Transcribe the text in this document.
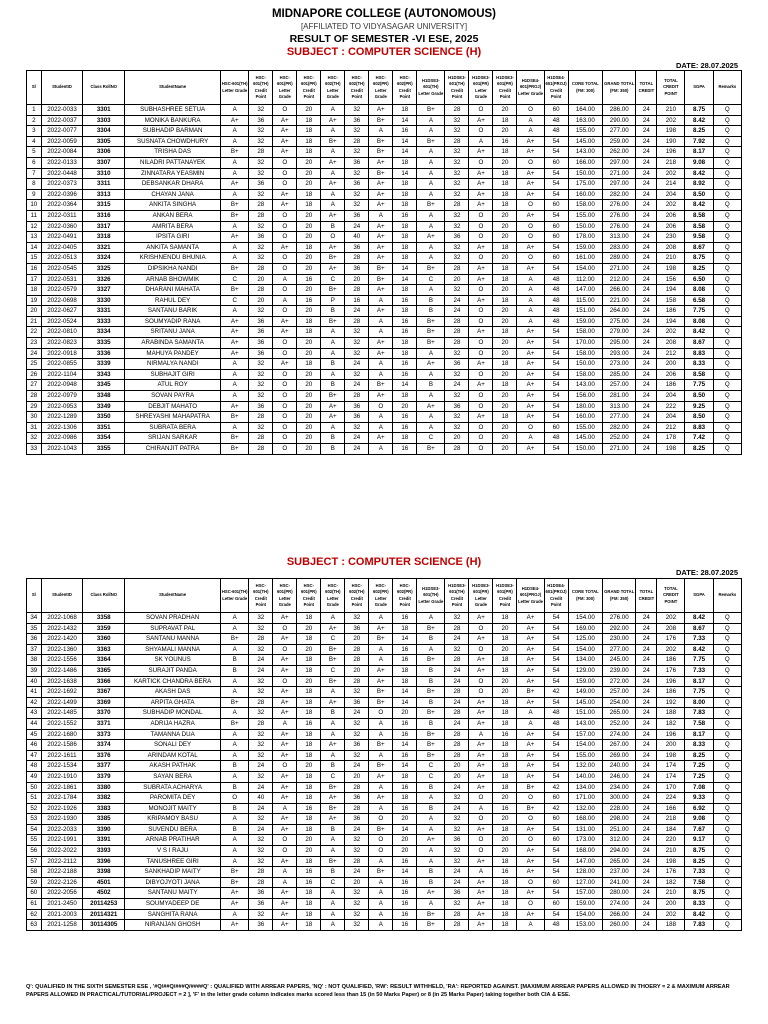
MIDNAPORE COLLEGE (AUTONOMOUS)
[AFFILIATED TO VIDYASAGAR UNIVERSITY]
RESULT OF SEMESTER -VI ESE, 2025
SUBJECT : COMPUTER SCIENCE (H)
DATE: 28.07.2025
Sl	StudentID	Class RollNO	StudentName	HSC-601(TH) Letter Grade	HSC-601(TH) Credit Point	HSC-601(PR) Letter Grade	HSC-601(PR) Credit Point	HSC-602(TH) Letter Grade	HSC-602(TH) Credit Point	HSC-602(PR) Letter Grade	HSC-602(PR) Credit Point	H1DSE3-601(TH) Letter Grade	H1DSE3-601(TH) Credit Point	H1DSE3-601(PR) Letter Grade	H1DSE3-601(PR) Credit Point	H1DSE4-601(PROJ) Letter Grade	H1DSE4-601(PROJ) Credit Point	CORE TOTAL (FM: 300)	GRAND TOTAL (FM: 350)	TOTAL CREDIT	TOTAL CREDIT POINT	SGPA	Remarks
1	2022-0033	3301	SUBHASHREE SETUA	A	32	O	20	A	32	A+	18	B+	28	O	20	O	60	164.00	286.00	24	210	8.75	Q
2	2022-0037	3303	MONIKA BANKURA	A+	36	A+	18	A+	36	B+	14	A	32	A+	18	A	48	163.00	290.00	24	202	8.42	Q
3	2022-0077	3304	SUBHADIP BARMAN	A	32	A+	18	A	32	A	16	A	32	O	20	A	48	155.00	277.00	24	198	8.25	Q
4	2022-0059	3305	SUSNATA CHOWDHURY	A	32	A+	18	B+	28	B+	14	B+	28	A	16	A+	54	145.00	259.00	24	190	7.92	Q
5	2022-0084	3306	TRISHA DAS	B+	28	A+	18	A	32	B+	14	A	32	A+	18	A+	54	143.00	262.00	24	196	8.17	Q
6	2022-0133	3307	NILADRI PATTANAYEK	A	32	O	20	A+	36	A+	18	A	32	O	20	O	60	166.00	297.00	24	218	9.08	Q
7	2022-0448	3310	ZINNATARA YEASMIN	A	32	O	20	A	32	B+	14	A	32	A+	18	A+	54	150.00	271.00	24	202	8.42	Q
8	2022-0373	3311	DEBSANKAR DHARA	A+	36	O	20	A+	36	A+	18	A	32	A+	18	A+	54	175.00	297.00	24	214	8.92	Q
9	2022-0396	3313	CHAYAN JANA	A	32	A+	18	A	32	A+	18	A	32	A+	18	A+	54	160.00	282.00	24	204	8.50	Q
10	2022-0364	3315	ANKITA SINGHA	B+	28	A+	18	A	32	A+	18	B+	28	A+	18	O	60	158.00	276.00	24	202	8.42	Q
11	2022-0311	3316	ANKAN BERA	B+	28	O	20	A+	36	A	16	A	32	O	20	A+	54	155.00	276.00	24	206	8.58	Q
12	2022-0360	3317	AMRITA BERA	A	32	O	20	B	24	A+	18	A	32	O	20	O	60	150.00	276.00	24	206	8.58	Q
13	2022-0491	3318	IPSITA GIRI	A+	36	O	20	O	40	A+	18	A+	36	O	20	O	60	178.00	313.00	24	230	9.58	Q
14	2022-0405	3321	ANKITA SAMANTA	A	32	A+	18	A+	36	A+	18	A	32	A+	18	A+	54	159.00	283.00	24	208	8.67	Q
15	2022-0513	3324	KRISHNENDU BHUNIA	A	32	O	20	B+	28	A+	18	A	32	O	20	O	60	161.00	289.00	24	210	8.75	Q
16	2022-0545	3325	DIPSIKHA NANDI	B+	28	O	20	A+	36	B+	14	B+	28	A+	18	A+	54	154.00	271.00	24	198	8.25	Q
17	2022-0531	3326	ARNAB BHOWMIK	C	20	A	16	C	20	B+	14	C	20	A+	18	A	48	112.00	212.00	24	156	6.50	Q
18	2022-0579	3327	DHARANI MAHATA	B+	28	O	20	B+	28	A+	18	A	32	O	20	A	48	147.00	266.00	24	194	8.08	Q
19	2022-0698	3330	RAHUL DEY	C	20	A	16	P	16	A	16	B	24	A+	18	A	48	115.00	221.00	24	158	6.58	Q
20	2022-0627	3331	SANTANU BARIK	A	32	O	20	B	24	A+	18	B	24	O	20	A	48	151.00	264.00	24	186	7.75	Q
21	2022-0524	3333	SOUMYADIP RANA	A+	36	A+	18	B+	28	A	16	B+	28	O	20	A	48	159.00	275.00	24	194	8.08	Q
22	2022-0810	3334	SRITANU JANA	A+	36	A+	18	A	32	A	16	B+	28	A+	18	A+	54	158.00	279.00	24	202	8.42	Q
23	2022-0823	3335	ARABINDA SAMANTA	A+	36	O	20	A	32	A+	18	B+	28	O	20	A+	54	170.00	295.00	24	208	8.67	Q
24	2022-0918	3336	MAHUYA PANDEY	A+	36	O	20	A	32	A+	18	A	32	O	20	A+	54	158.00	293.00	24	212	8.83	Q
25	2022-0855	3339	NIRMALYA NANDI	A	32	A+	18	B	24	A	16	A+	36	A+	18	A+	54	150.00	273.00	24	200	8.33	Q
26	2022-1104	3343	SUBHAJIT GIRI	A	32	O	20	A	32	A	16	A	32	O	20	A+	54	158.00	285.00	24	206	8.58	Q
27	2022-0948	3345	ATUL ROY	A	32	O	20	B	24	B+	14	B	24	A+	18	A+	54	143.00	257.00	24	186	7.75	Q
28	2022-0979	3348	SOVAN PAYRA	A	32	O	20	B+	28	A+	18	A	32	O	20	A+	54	156.00	281.00	24	204	8.50	Q
29	2022-0953	3349	DEBJIT MAHATO	A+	36	O	20	A+	36	O	20	A+	36	O	20	A+	54	180.00	313.00	24	222	9.25	Q
30	2022-1289	3350	SHREYASHI MAHAPATRA	B+	28	O	20	A+	36	A	16	A	32	A+	18	A+	54	160.00	277.00	24	204	8.50	Q
31	2022-1306	3351	SUBRATA BERA	A	32	O	20	A	32	A	16	A	32	O	20	O	60	155.00	282.00	24	212	8.83	Q
32	2022-0986	3354	SRIJAN SARKAR	B+	28	O	20	B	24	A+	18	C	20	O	20	A	48	145.00	252.00	24	178	7.42	Q
33	2022-1043	3355	CHIRANJIT PATRA	B+	28	O	20	B	24	A	16	B+	28	O	20	A+	54	150.00	271.00	24	198	8.25	Q
SUBJECT : COMPUTER SCIENCE (H)
DATE: 28.07.2025
Sl	StudentID	Class RollNO	StudentName	HSC-601(TH) Letter Grade	HSC-601(TH) Credit Point	HSC-601(PR) Letter Grade	HSC-601(PR) Credit Point	HSC-602(TH) Letter Grade	HSC-602(TH) Credit Point	HSC-602(PR) Letter Grade	HSC-602(PR) Credit Point	H1DSE3-601(TH) Letter Grade	H1DSE3-601(TH) Credit Point	H1DSE3-601(PR) Letter Grade	H1DSE3-601(PR) Credit Point	H1DSE4-601(PROJ) Letter Grade	H1DSE4-601(PROJ) Credit Point	CORE TOTAL (FM: 300)	GRAND TOTAL (FM: 350)	TOTAL CREDIT	TOTAL CREDIT POINT	SGPA	Remarks
34	2022-1068	3358	SOVAN PRADHAN	A	32	A+	18	A	32	A	16	A	32	A+	18	A+	54	154.00	276.00	24	202	8.42	Q
35	2022-1432	3359	SUPRAVAT PAL	A	32	O	20	A+	36	A+	18	B+	28	O	20	A+	54	169.00	292.00	24	208	8.67	Q
36	2022-1420	3360	SANTANU MANNA	B+	28	A+	18	C	20	B+	14	B	24	A+	18	A+	54	125.00	230.00	24	176	7.33	Q
37	2022-1360	3363	SHYAMALI MANNA	A	32	O	20	B+	28	A	16	A	32	O	20	A+	54	154.00	277.00	24	202	8.42	Q
38	2022-1556	3364	SK YOUNUS	B	24	A+	18	B+	28	A	16	B+	28	A+	18	A+	54	134.00	245.00	24	186	7.75	Q
39	2022-1486	3365	SURAJIT PANDA	B	24	A+	18	C	20	A+	18	B	24	A+	18	A+	54	129.00	239.00	24	176	7.33	Q
40	2022-1638	3366	KARTICK CHANDRA BERA	A	32	O	20	B+	28	A+	18	B	24	O	20	A+	54	159.00	272.00	24	196	8.17	Q
41	2022-1692	3367	AKASH DAS	A	32	A+	18	A	32	B+	14	B+	28	O	20	B+	42	149.00	257.00	24	186	7.75	Q
42	2022-1499	3369	ARPITA GHATA	B+	28	A+	18	A+	36	B+	14	B	24	A+	18	A+	54	145.00	254.00	24	192	8.00	Q
43	2022-1485	3370	SUBHADIP MONDAL	A	32	A+	18	B	24	O	20	B+	28	A+	18	A	48	151.00	265.00	24	188	7.83	Q
44	2022-1552	3371	ADRIJA HAZRA	B+	28	A	16	A	32	A	16	B	24	A+	18	A	48	143.00	252.00	24	182	7.58	Q
45	2022-1680	3373	TAMANNA DUA	A	32	A+	18	A	32	A	16	B+	28	A	16	A+	54	157.00	274.00	24	196	8.17	Q
46	2022-1586	3374	SONALI DEY	A	32	A+	18	A+	36	B+	14	B+	28	A+	18	A+	54	154.00	267.00	24	200	8.33	Q
47	2022-1611	3376	ARINDAM KOTAL	A	32	A+	18	A	32	A	16	B+	28	A+	18	A+	54	155.00	269.00	24	198	8.25	Q
48	2022-1534	3377	AKASH PATHAK	B	24	O	20	B	24	B+	14	C	20	A+	18	A+	54	132.00	240.00	24	174	7.25	Q
49	2022-1910	3379	SAYAN BERA	A	32	A+	18	C	20	A+	18	C	20	A+	18	A+	54	140.00	246.00	24	174	7.25	Q
50	2022-1861	3380	SUBRATA ACHARYA	B	24	A+	18	B+	28	A	16	B	24	A+	18	B+	42	134.00	234.00	24	170	7.08	Q
51	2022-1784	3382	PAROMITA DEY	O	40	A+	18	A+	36	A+	18	A	32	O	20	O	60	171.00	300.00	24	224	9.33	Q
52	2022-1926	3383	MONOJIT MAITY	B	24	A	16	B+	28	A	16	B	24	A	16	B+	42	132.00	228.00	24	166	6.92	Q
53	2022-1930	3385	KRIPAMOY BASU	A	32	A+	18	A+	36	O	20	A	32	O	20	O	60	168.00	298.00	24	218	9.08	Q
54	2022-2033	3390	SUVENDU BERA	B	24	A+	18	B	24	B+	14	A	32	A+	18	A+	54	131.00	251.00	24	184	7.67	Q
55	2022-1991	3391	ARNAB PRATIHAR	A	32	O	20	A	32	O	20	A+	36	O	20	O	60	173.00	312.00	24	220	9.17	Q
56	2022-2022	3393	V S I RAJU	A	32	O	20	A	32	O	20	A	32	O	20	A+	54	168.00	294.00	24	210	8.75	Q
57	2022-2112	3396	TANUSHREE GIRI	A	32	A+	18	B+	28	A	16	A	32	A+	18	A+	54	147.00	265.00	24	198	8.25	Q
58	2022-2188	3398	SANKHADIP MAITY	B+	28	A	16	B	24	B+	14	B	24	A	16	A+	54	128.00	237.00	24	176	7.33	Q
59	2022-2126	4501	DIBYOJYOTI JANA	B+	28	A	16	C	20	A	16	B	24	A+	18	O	60	127.00	241.00	24	182	7.58	Q
60	2022-2056	4502	SANTANU MAITY	A+	36	A+	18	A	32	A	16	A+	36	A+	18	A+	54	157.00	280.00	24	210	8.75	Q
61	2021-2450	20114253	SOUMYADEEP DE	A+	36	A+	18	A	32	A	16	A	32	A+	18	O	60	159.00	274.00	24	200	8.33	Q
62	2021-2003	20114321	SANGHITA RANA	A	32	A+	18	A	32	A	16	B+	28	A+	18	A+	54	154.00	266.00	24	202	8.42	Q
63	2021-1258	30114305	NIRANJAN GHOSH	A+	36	A+	18	A	32	A	16	B+	28	A+	18	A	48	153.00	260.00	24	188	7.83	Q
Q': QUALIFIED IN THE SIXTH SEMESTER ESE , '#Q/##Q/###Q/####Q' : QUALIFIED WITH ARREAR PAPERS, 'NQ' : NOT QUALIFIED, 'RW': RESULT WITHHELD, 'RA': REPORTED AGAINST. [MAXIMUM ARREAR PAPERS ALLOWED IN THOERY = 2 & MAXIMUM ARREAR PAPERS ALLOWED IN PRACTICAL/TUTORIAL/PROJECT = 2 ], 'F' in the letter grade column indicates marks scored less than 15 (in 50 Marks Paper) or 8 (in 25 Marks Paper) taking together both CIA & ESE.
